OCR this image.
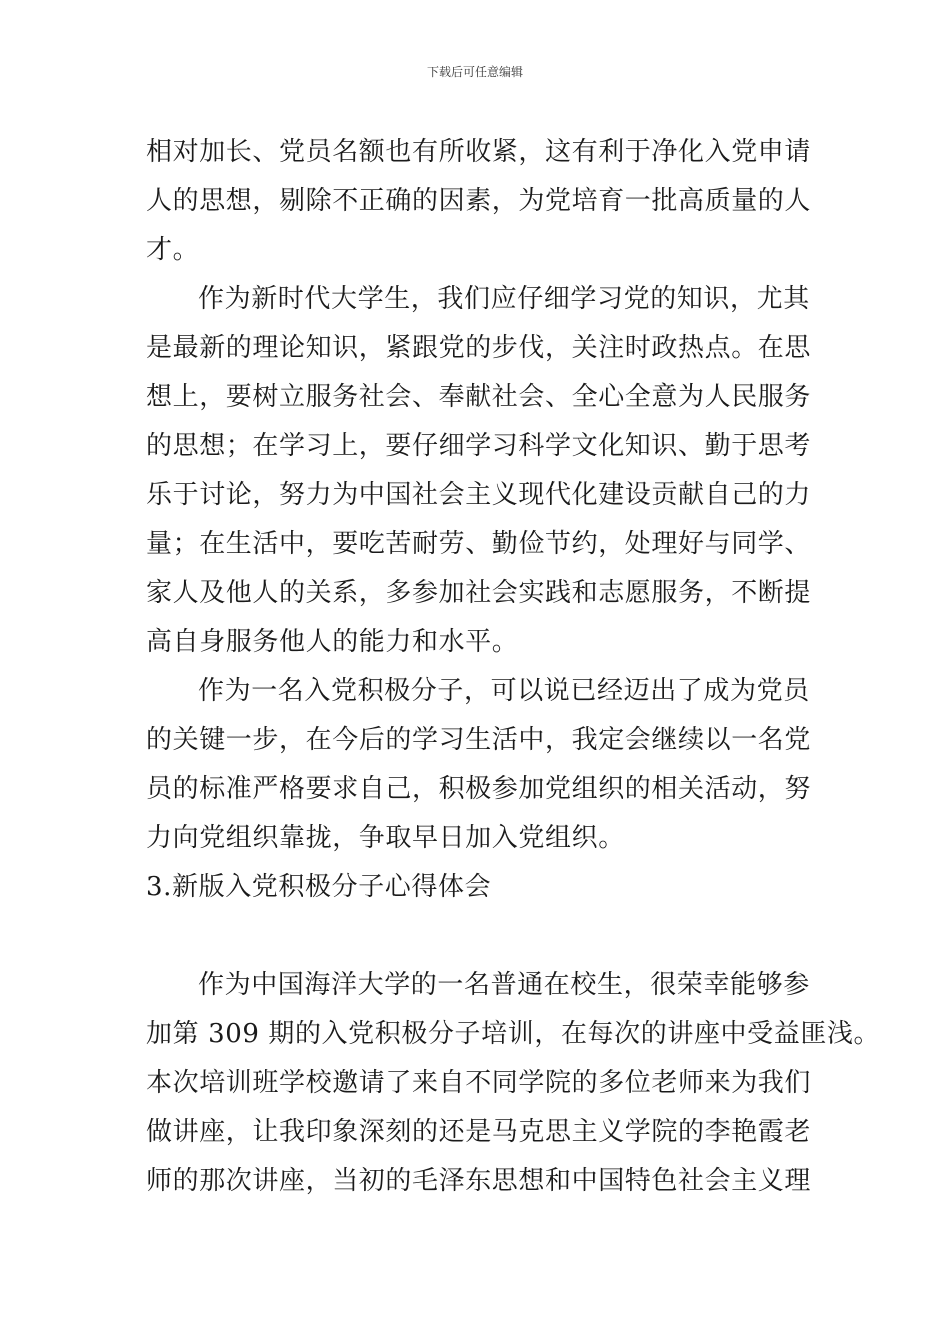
下载后可任意编辑
相对加长、党员名额也有所收紧，这有利于净化入党申请
人的思想，剔除不正确的因素，为党培育一批高质量的人
才。
作为新时代大学生，我们应仔细学习党的知识，尤其
是最新的理论知识，紧跟党的步伐，关注时政热点。在思
想上，要树立服务社会、奉献社会、全心全意为人民服务
的思想；在学习上，要仔细学习科学文化知识、勤于思考
乐于讨论，努力为中国社会主义现代化建设贡献自己的力
量；在生活中，要吃苦耐劳、勤俭节约，处理好与同学、
家人及他人的关系，多参加社会实践和志愿服务，不断提
高自身服务他人的能力和水平。
作为一名入党积极分子，可以说已经迈出了成为党员
的关键一步，在今后的学习生活中，我定会继续以一名党
员的标准严格要求自己，积极参加党组织的相关活动，努
力向党组织靠拢，争取早日加入党组织。
3.新版入党积极分子心得体会
作为中国海洋大学的一名普通在校生，很荣幸能够参
加第 309 期的入党积极分子培训，在每次的讲座中受益匪浅。
本次培训班学校邀请了来自不同学院的多位老师来为我们
做讲座，让我印象深刻的还是马克思主义学院的李艳霞老
师的那次讲座，当初的毛泽东思想和中国特色社会主义理
